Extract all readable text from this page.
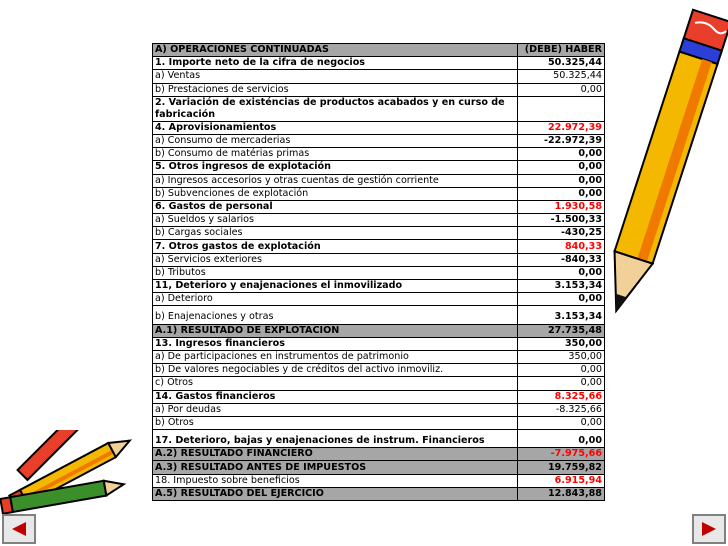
A) OPERACIONES CONTINUADAS	(DEBE) HABER
1. Importe neto de la cifra de negocios	50.325,44
a) Ventas	50.325,44
b) Prestaciones de servicios	0,00
2. Variación de existéncias de productos acabados y en curso de fabricación	
4. Aprovisionamientos	22.972,39
a) Consumo de mercaderias	-22.972,39
b) Consumo de matérias primas	0,00
5. Otros ingresos de explotación	0,00
a) Ingresos accesorios y otras cuentas de gestión corriente	0,00
b) Subvenciones de explotación	0,00
6. Gastos de personal	1.930,58
a) Sueldos y salarios	-1.500,33
b) Cargas sociales	-430,25
7. Otros gastos de explotación	840,33
a) Servicios exteriores	-840,33
b) Tributos	0,00
11, Deterioro y enajenaciones el inmovilizado	3.153,34
a) Deterioro	0,00
b) Enajenaciones y otras	3.153,34
A.1) RESULTADO DE EXPLOTACIÓN	27.735,48
13. Ingresos financieros	350,00
a) De participaciones en instrumentos de patrimonio	350,00
b) De valores negociables y de créditos del activo inmoviliz.	0,00
c) Otros	0,00
14. Gastos financieros	8.325,66
a) Por deudas	-8.325,66
b) Otros	0,00
17. Deterioro, bajas y enajenaciones de instrum. Financieros	0,00
A.2) RESULTADO FINANCIERO	-7.975,66
A.3) RESULTADO ANTES DE IMPUESTOS	19.759,82
18. Impuesto sobre beneficios	6.915,94
A.5) RESULTADO DEL EJERCICIO	12.843,88
